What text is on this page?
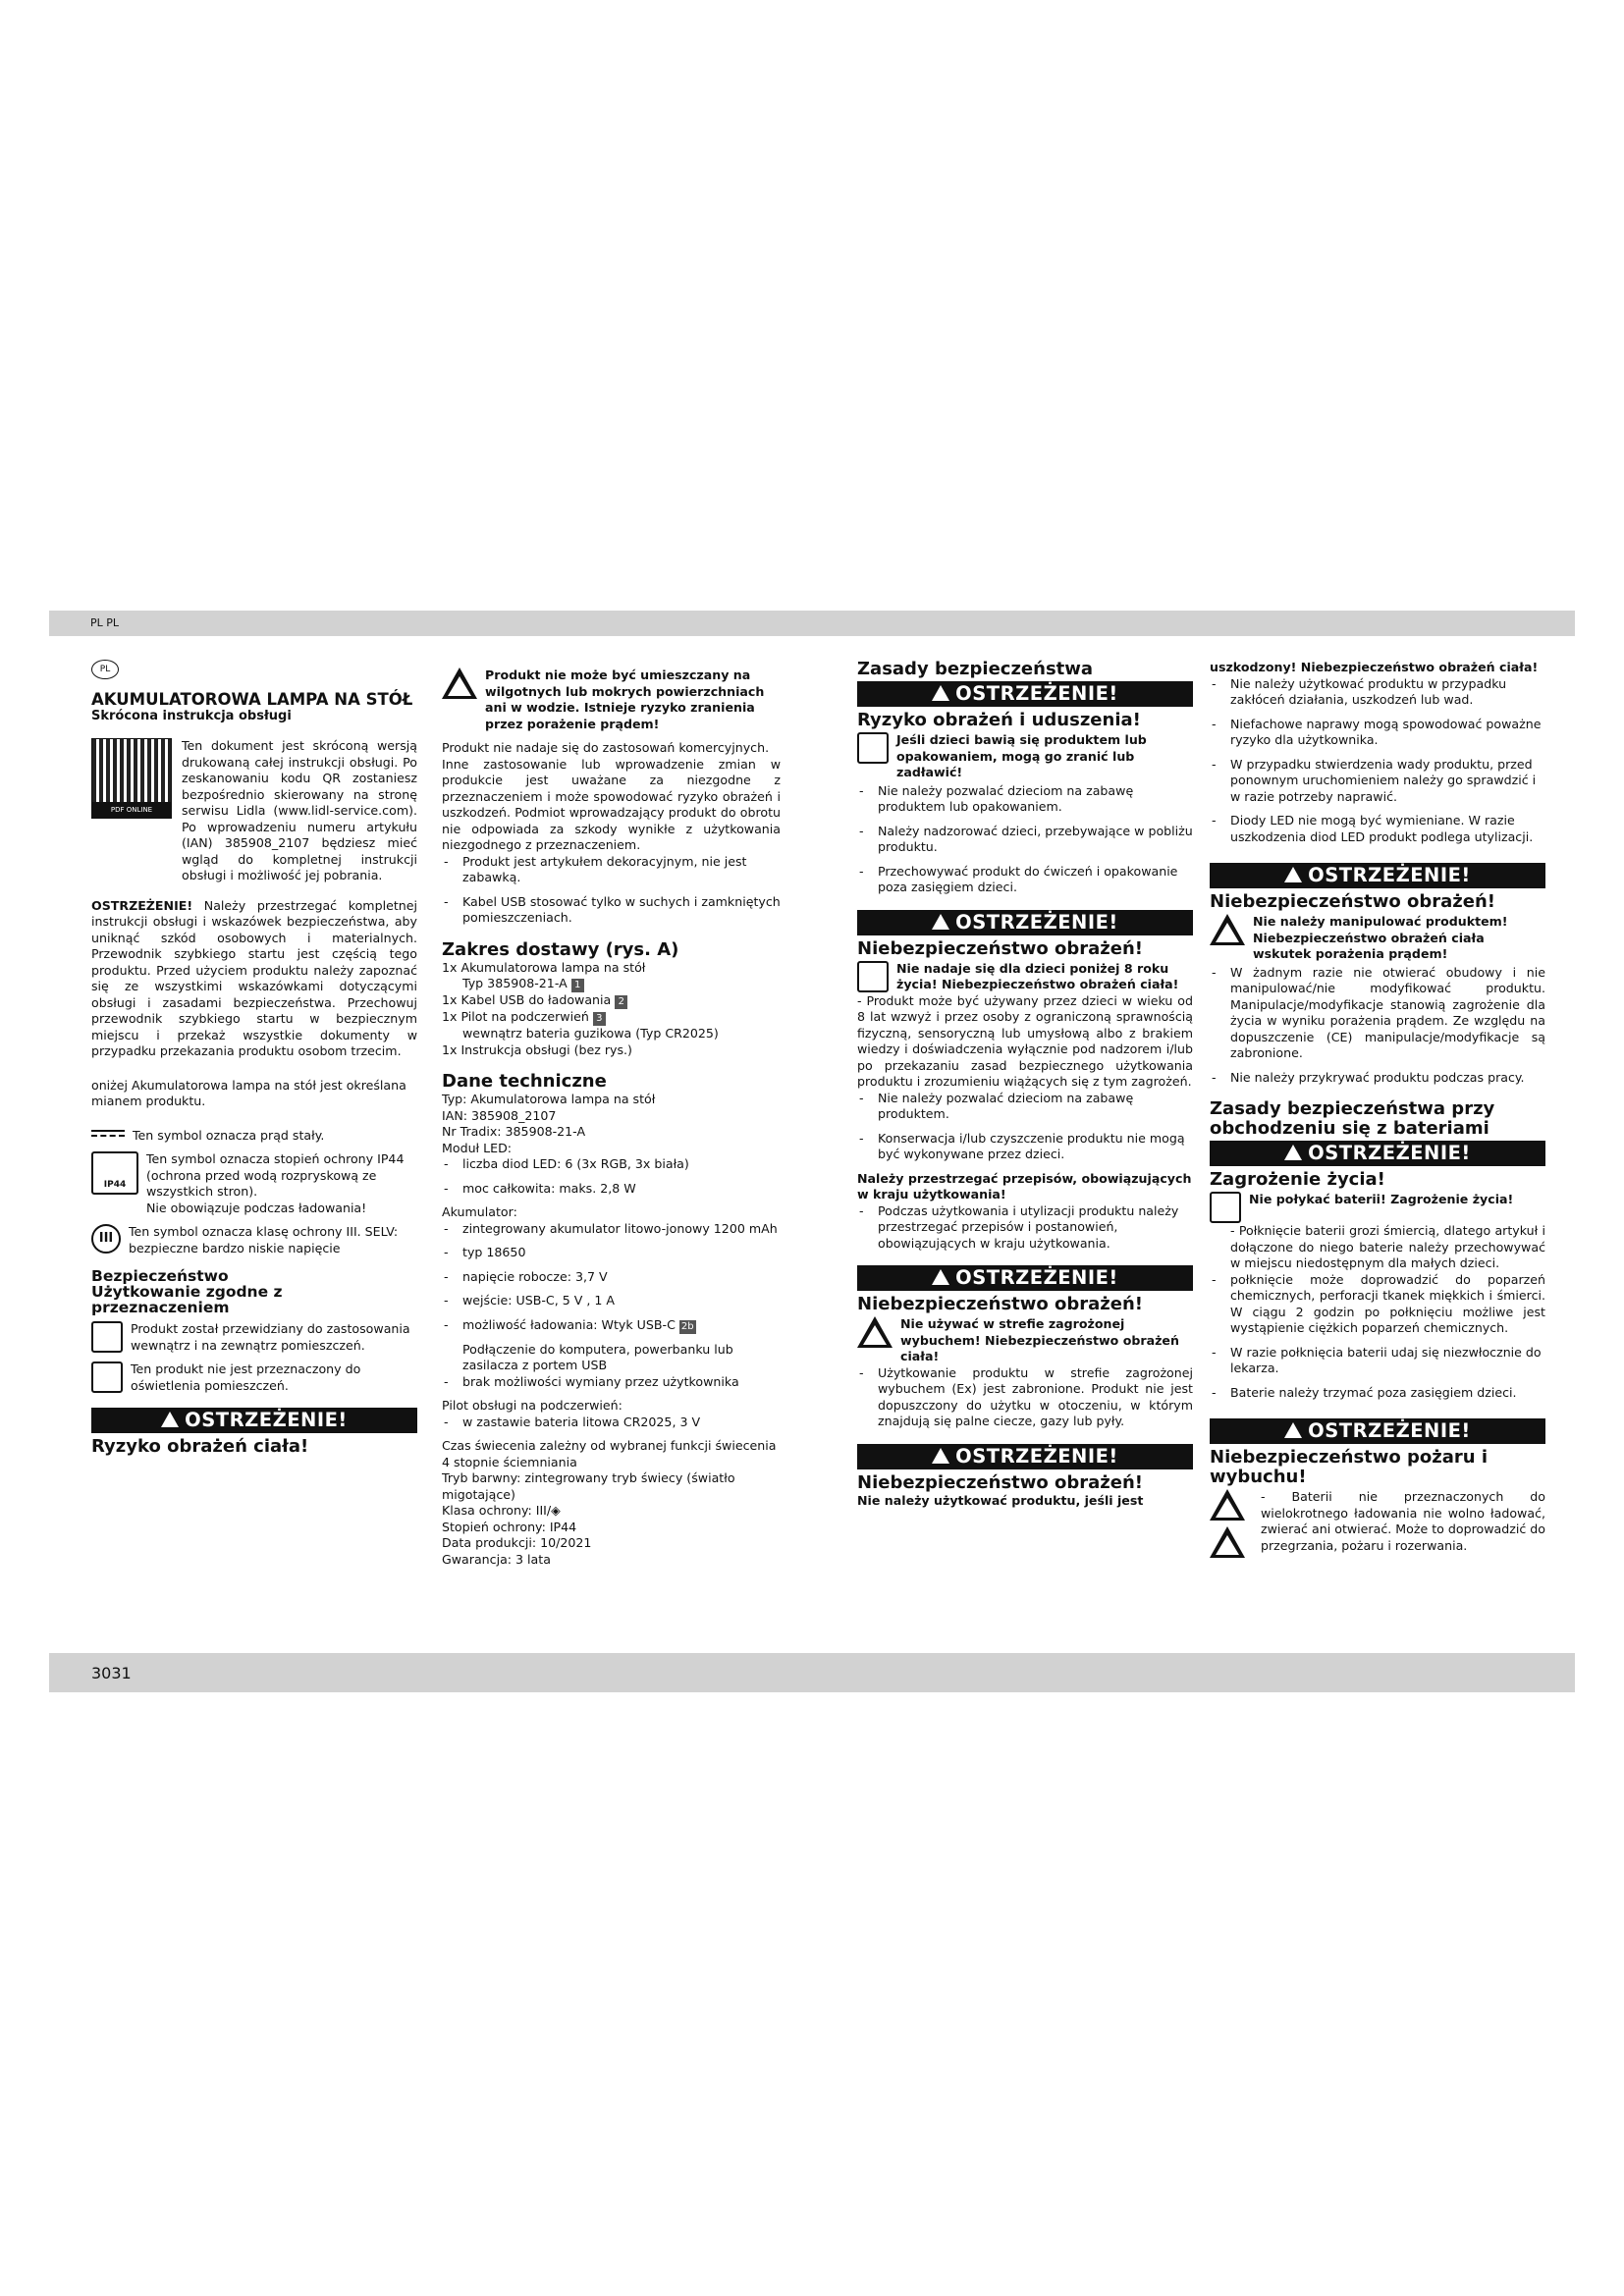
PL PL
3031
PL
AKUMULATOROWA LAMPA NA STÓŁ
Skrócona instrukcja obsługi
PDF ONLINE

Ten dokument jest skróconą wersją drukowaną całej instrukcji obsługi. Po zeskanowaniu kodu QR zostaniesz bezpośrednio skierowany na stronę serwisu Lidla (www.lidl-service.com). Po wprowadzeniu numeru artykułu (IAN) 385908_2107 będziesz mieć wgląd do kompletnej instrukcji obsługi i możliwość jej pobrania.

OSTRZEŻENIE! Należy przestrzegać kompletnej instrukcji obsługi i wskazówek bezpieczeństwa, aby uniknąć szkód osobowych i materialnych. Przewodnik szybkiego startu jest częścią tego produktu. Przed użyciem produktu należy zapoznać się ze wszystkimi wskazówkami dotyczącymi obsługi i zasadami bezpieczeństwa. Przechowuj przewodnik szybkiego startu w bezpiecznym miejscu i przekaż wszystkie dokumenty w przypadku przekazania produktu osobom trzecim.

oniżej Akumulatorowa lampa na stół jest określana mianem produktu.

Ten symbol oznacza prąd stały.
IP44
Ten symbol oznacza stopień ochrony IP44 (ochrona przed wodą rozpryskową ze wszystkich stron).
Nie obowiązuje podczas ładowania!
III	Ten symbol oznacza klasę ochrony III. SELV: bezpieczne bardzo niskie napięcie
Bezpieczeństwo
Użytkowanie zgodne z przeznaczeniem
Produkt został przewidziany do zastosowania wewnątrz i na zewnątrz pomieszczeń.
Ten produkt nie jest przeznaczony do oświetlenia pomieszczeń.
OSTRZEŻENIE!
Ryzyko obrażeń ciała!

Produkt nie może być umieszczany na wilgotnych lub mokrych powierzchniach ani w wodzie. Istnieje ryzyko zranienia przez porażenie prądem!

Produkt nie nadaje się do zastosowań komercyjnych.

Inne zastosowanie lub wprowadzenie zmian w produkcie jest uważane za niezgodne z przeznaczeniem i może spowodować ryzyko obrażeń i uszkodzeń. Podmiot wprowadzający produkt do obrotu nie odpowiada za szkody wynikłe z użytkowania niezgodnego z przeznaczeniem.

- Produkt jest artykułem dekoracyjnym, nie jest zabawką.

- Kabel USB stosować tylko w suchych i zamkniętych pomieszczeniach.

Zakres dostawy (rys. A)
1x Akumulatorowa lampa na stół
Typ 385908-21-A 1
1x Kabel USB do ładowania 2
1x Pilot na podczerwień 3
wewnątrz bateria guzikowa (Typ CR2025)
1x Instrukcja obsługi (bez rys.)
Dane techniczne
Typ: Akumulatorowa lampa na stół
IAN: 385908_2107
Nr Tradix: 385908-21-A
Moduł LED:

- liczba diod LED: 6 (3x RGB, 3x biała)

- moc całkowita: maks. 2,8 W

Akumulator:

- zintegrowany akumulator litowo-jonowy 1200 mAh

- typ 18650

- napięcie robocze: 3,7 V

- wejście: USB-C, 5 V , 1 A

- możliwość ładowania: Wtyk USB-C 2b

Podłączenie do komputera, powerbanku lub zasilacza z portem USB

- brak możliwości wymiany przez użytkownika

Pilot obsługi na podczerwień:

- w zastawie bateria litowa CR2025, 3 V

Czas świecenia zależny od wybranej funkcji świecenia
4 stopnie ściemniania
Tryb barwny: zintegrowany tryb świecy (światło migotające)
Klasa ochrony: III/◈
Stopień ochrony: IP44
Data produkcji: 10/2021
Gwarancja: 3 lata
Zasady bezpieczeństwa
OSTRZEŻENIE!
Ryzyko obrażeń i uduszenia!

Jeśli dzieci bawią się produktem lub opakowaniem, mogą go zranić lub zadławić!

- Nie należy pozwalać dzieciom na zabawę produktem lub opakowaniem.

- Należy nadzorować dzieci, przebywające w pobliżu produktu.

- Przechowywać produkt do ćwiczeń i opakowanie poza zasięgiem dzieci.

OSTRZEŻENIE!
Niebezpieczeństwo obrażeń!

Nie nadaje się dla dzieci poniżej 8 roku życia! Niebezpieczeństwo obrażeń ciała!

- Produkt może być używany przez dzieci w wieku od 8 lat wzwyż i przez osoby z ograniczoną sprawnością fizyczną, sensoryczną lub umysłową albo z brakiem wiedzy i doświadczenia wyłącznie pod nadzorem i/lub po przekazaniu zasad bezpiecznego użytkowania produktu i zrozumieniu wiążących się z tym zagrożeń.

- Nie należy pozwalać dzieciom na zabawę produktem.

- Konserwacja i/lub czyszczenie produktu nie mogą być wykonywane przez dzieci.

Należy przestrzegać przepisów, obowiązujących w kraju użytkowania!

- Podczas użytkowania i utylizacji produktu należy przestrzegać przepisów i postanowień, obowiązujących w kraju użytkowania.

OSTRZEŻENIE!
Niebezpieczeństwo obrażeń!

Nie używać w strefie zagrożonej wybuchem! Niebezpieczeństwo obrażeń ciała!

- Użytkowanie produktu w strefie zagrożonej wybuchem (Ex) jest zabronione. Produkt nie jest dopuszczony do użytku w otoczeniu, w którym znajdują się palne ciecze, gazy lub pyły.

OSTRZEŻENIE!
Niebezpieczeństwo obrażeń!

Nie należy użytkować produktu, jeśli jest

uszkodzony! Niebezpieczeństwo obrażeń ciała!

- Nie należy użytkować produktu w przypadku zakłóceń działania, uszkodzeń lub wad.

- Niefachowe naprawy mogą spowodować poważne ryzyko dla użytkownika.

- W przypadku stwierdzenia wady produktu, przed ponownym uruchomieniem należy go sprawdzić i w razie potrzeby naprawić.

- Diody LED nie mogą być wymieniane. W razie uszkodzenia diod LED produkt podlega utylizacji.

OSTRZEŻENIE!
Niebezpieczeństwo obrażeń!

Nie należy manipulować produktem! Niebezpieczeństwo obrażeń ciała wskutek porażenia prądem!

- W żadnym razie nie otwierać obudowy i nie manipulować/nie modyfikować produktu. Manipulacje/modyfikacje stanowią zagrożenie dla życia w wyniku porażenia prądem. Ze względu na dopuszczenie (CE) manipulacje/modyfikacje są zabronione.

- Nie należy przykrywać produktu podczas pracy.

Zasady bezpieczeństwa przy obchodzeniu się z bateriami
OSTRZEŻENIE!
Zagrożenie życia!

Nie połykać baterii! Zagrożenie życia!

- Połknięcie baterii grozi śmiercią, dlatego artykuł i dołączone do niego baterie należy przechowywać w miejscu niedostępnym dla małych dzieci.

- połknięcie może doprowadzić do poparzeń chemicznych, perforacji tkanek miękkich i śmierci. W ciągu 2 godzin po połknięciu możliwe jest wystąpienie ciężkich poparzeń chemicznych.

- W razie połknięcia baterii udaj się niezwłocznie do lekarza.

- Baterie należy trzymać poza zasięgiem dzieci.

OSTRZEŻENIE!
Niebezpieczeństwo pożaru i wybuchu!

- Baterii nie przeznaczonych do wielokrotnego ładowania nie wolno ładować, zwierać ani otwierać. Może to doprowadzić do przegrzania, pożaru i rozerwania.
